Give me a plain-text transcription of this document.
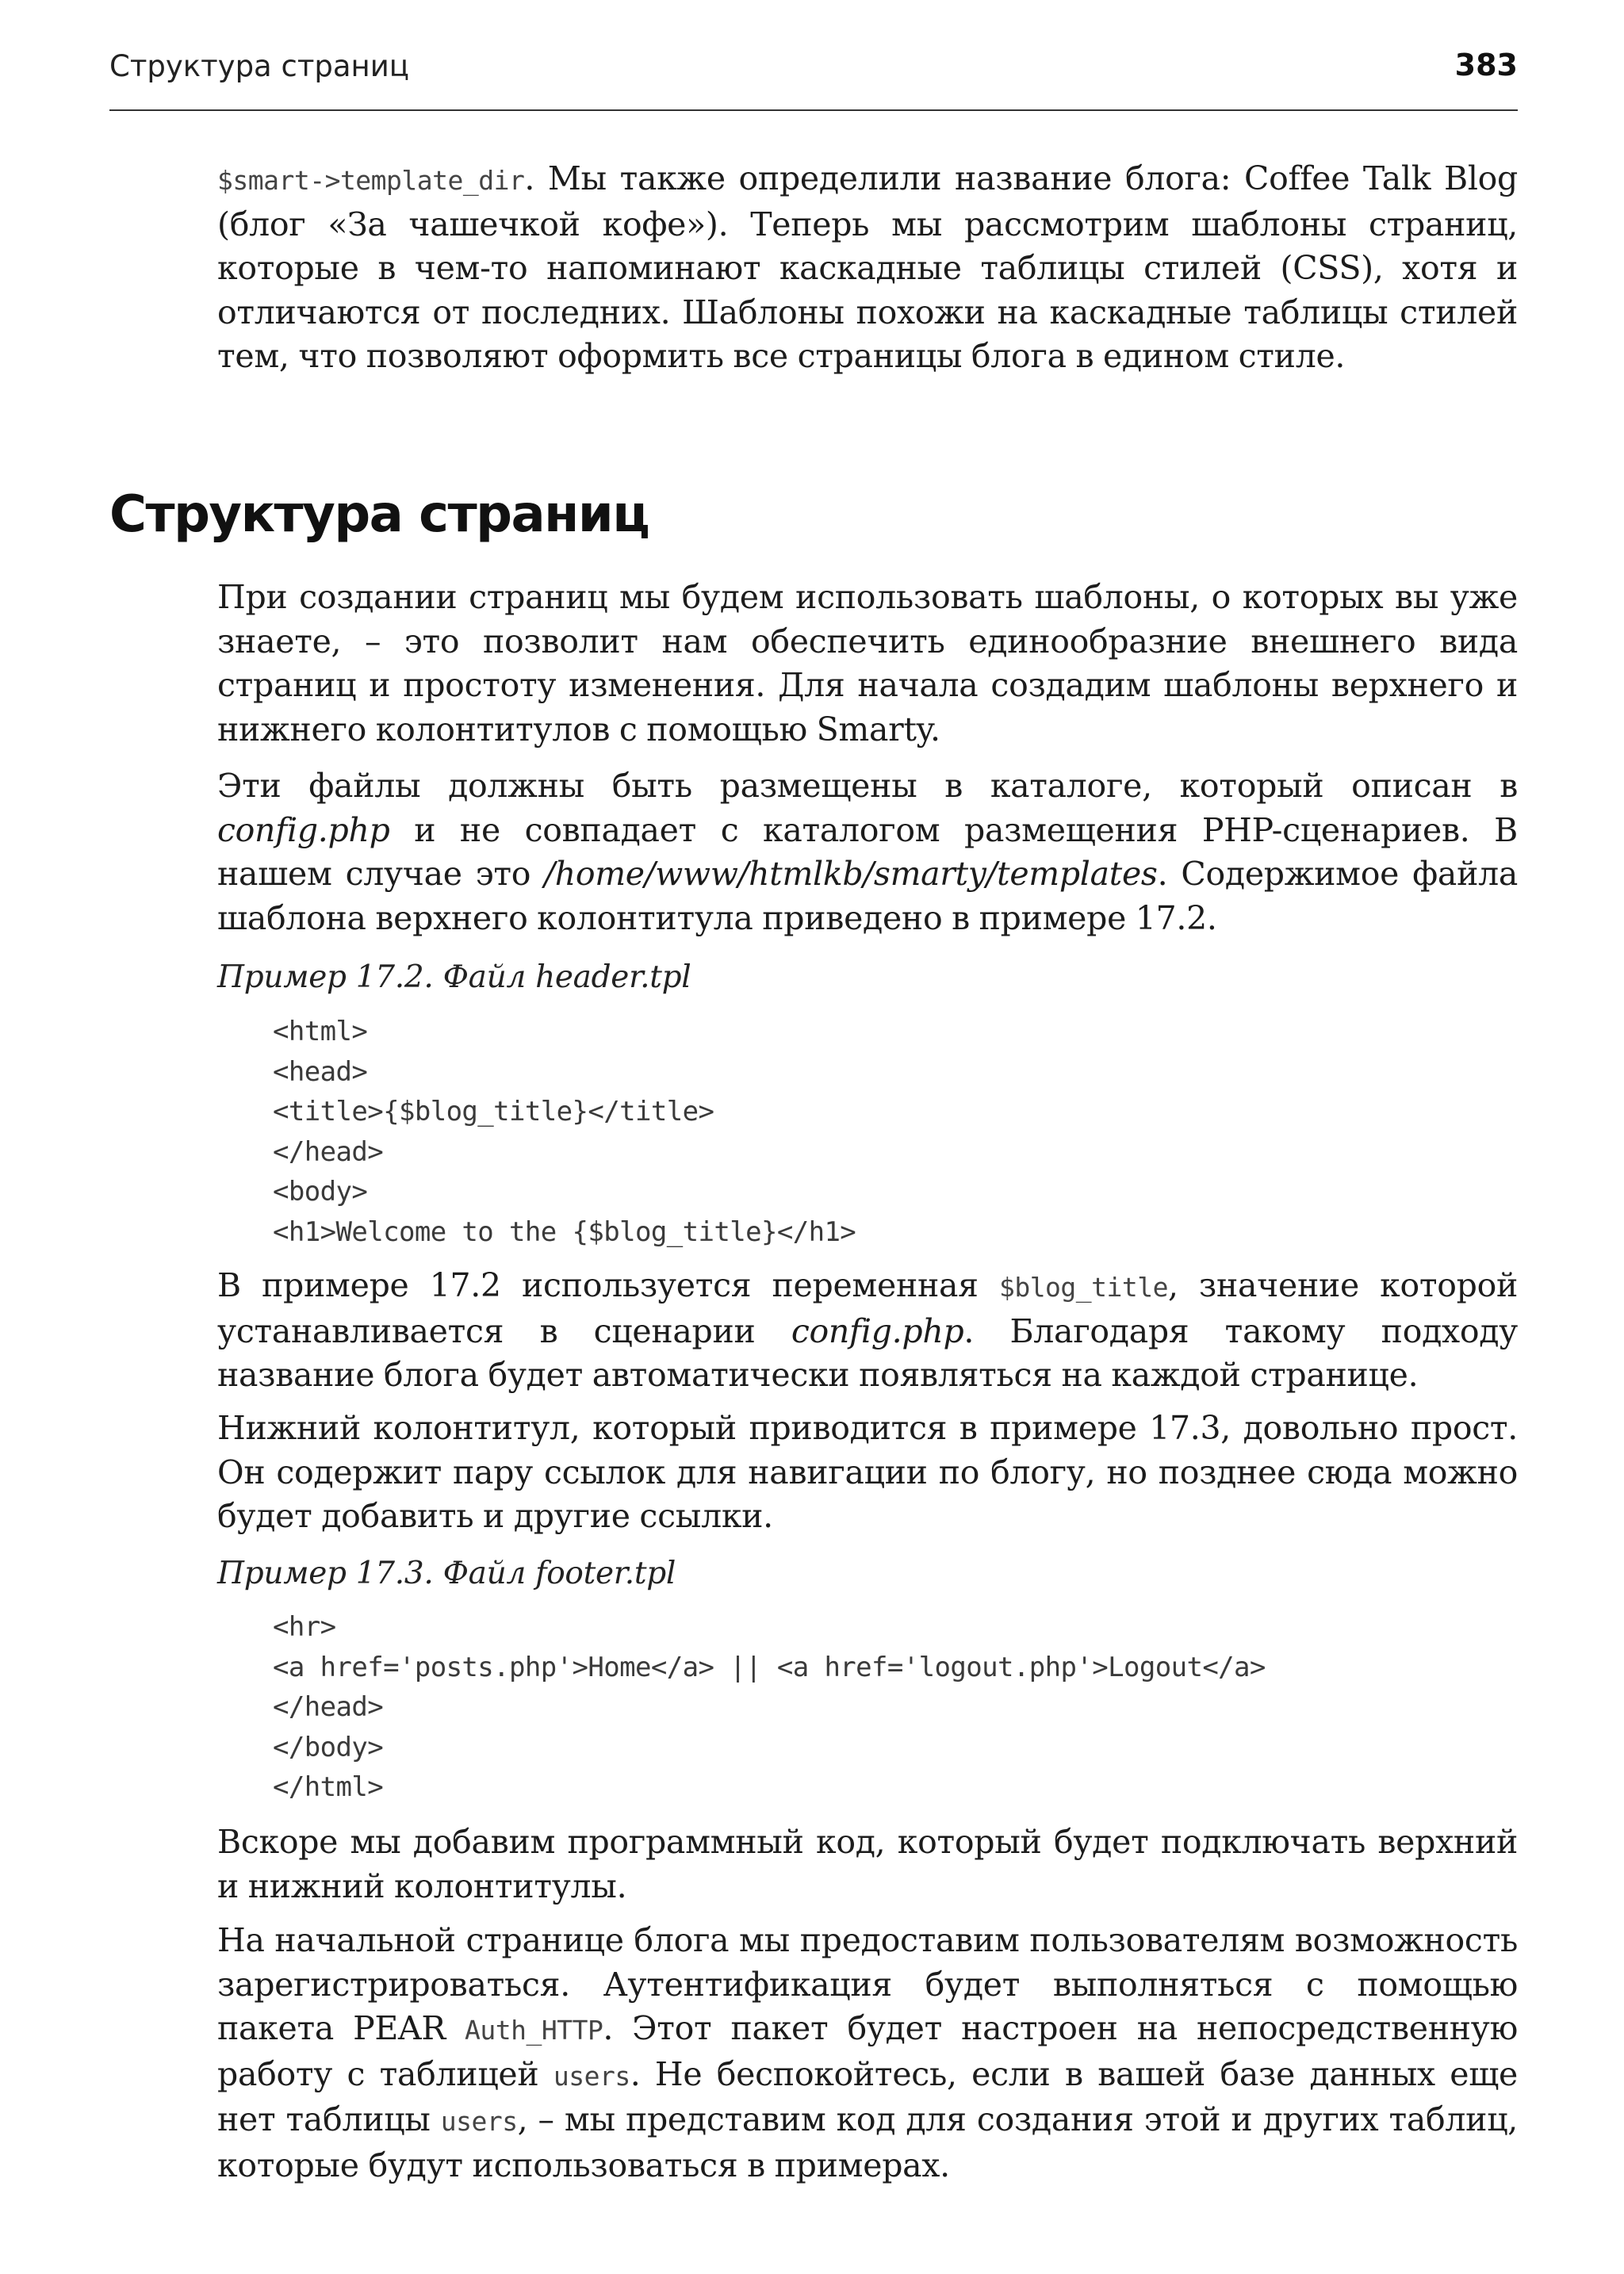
Структура страниц	383

$smart->template_dir. Мы также определили название блога: Coffee Talk Blog (блог «За чашечкой кофе»). Теперь мы рассмотрим шаблоны страниц, которые в чем-то напоминают каскадные таблицы стилей (CSS), хотя и отличаются от последних. Шаблоны похожи на каскадные таблицы стилей тем, что позволяют оформить все страницы блога в едином стиле.

Структура страниц

При создании страниц мы будем использовать шаблоны, о которых вы уже знаете, – это позволит нам обеспечить единообразние внешнего вида страниц и простоту изменения. Для начала создадим шаблоны верхнего и нижнего колонтитулов с помощью Smarty.

Эти файлы должны быть размещены в каталоге, который описан в config.php и не совпадает с каталогом размещения PHP-сценариев. В нашем случае это /home/www/htmlkb/smarty/templates. Содержимое файла шаблона верхнего колонтитула приведено в примере 17.2.

Пример 17.2. Файл header.tpl
<html>
<head>
<title>{$blog_title}</title>
</head>
<body>
<h1>Welcome to the {$blog_title}</h1>

В примере 17.2 используется переменная $blog_title, значение которой устанавливается в сценарии config.php. Благодаря такому подходу название блога будет автоматически появляться на каждой странице.

Нижний колонтитул, который приводится в примере 17.3, довольно прост. Он содержит пару ссылок для навигации по блогу, но позднее сюда можно будет добавить и другие ссылки.

Пример 17.3. Файл footer.tpl
<hr>
<a href='posts.php'>Home</a> || <a href='logout.php'>Logout</a>
</head>
</body>
</html>

Вскоре мы добавим программный код, который будет подключать верхний и нижний колонтитулы.

На начальной странице блога мы предоставим пользователям возможность зарегистрироваться. Аутентификация будет выполняться с помощью пакета PEAR Auth_HTTP. Этот пакет будет настроен на непосредственную работу с таблицей users. Не беспокойтесь, если в вашей базе данных еще нет таблицы users, – мы представим код для создания этой и других таблиц, которые будут использоваться в примерах.
